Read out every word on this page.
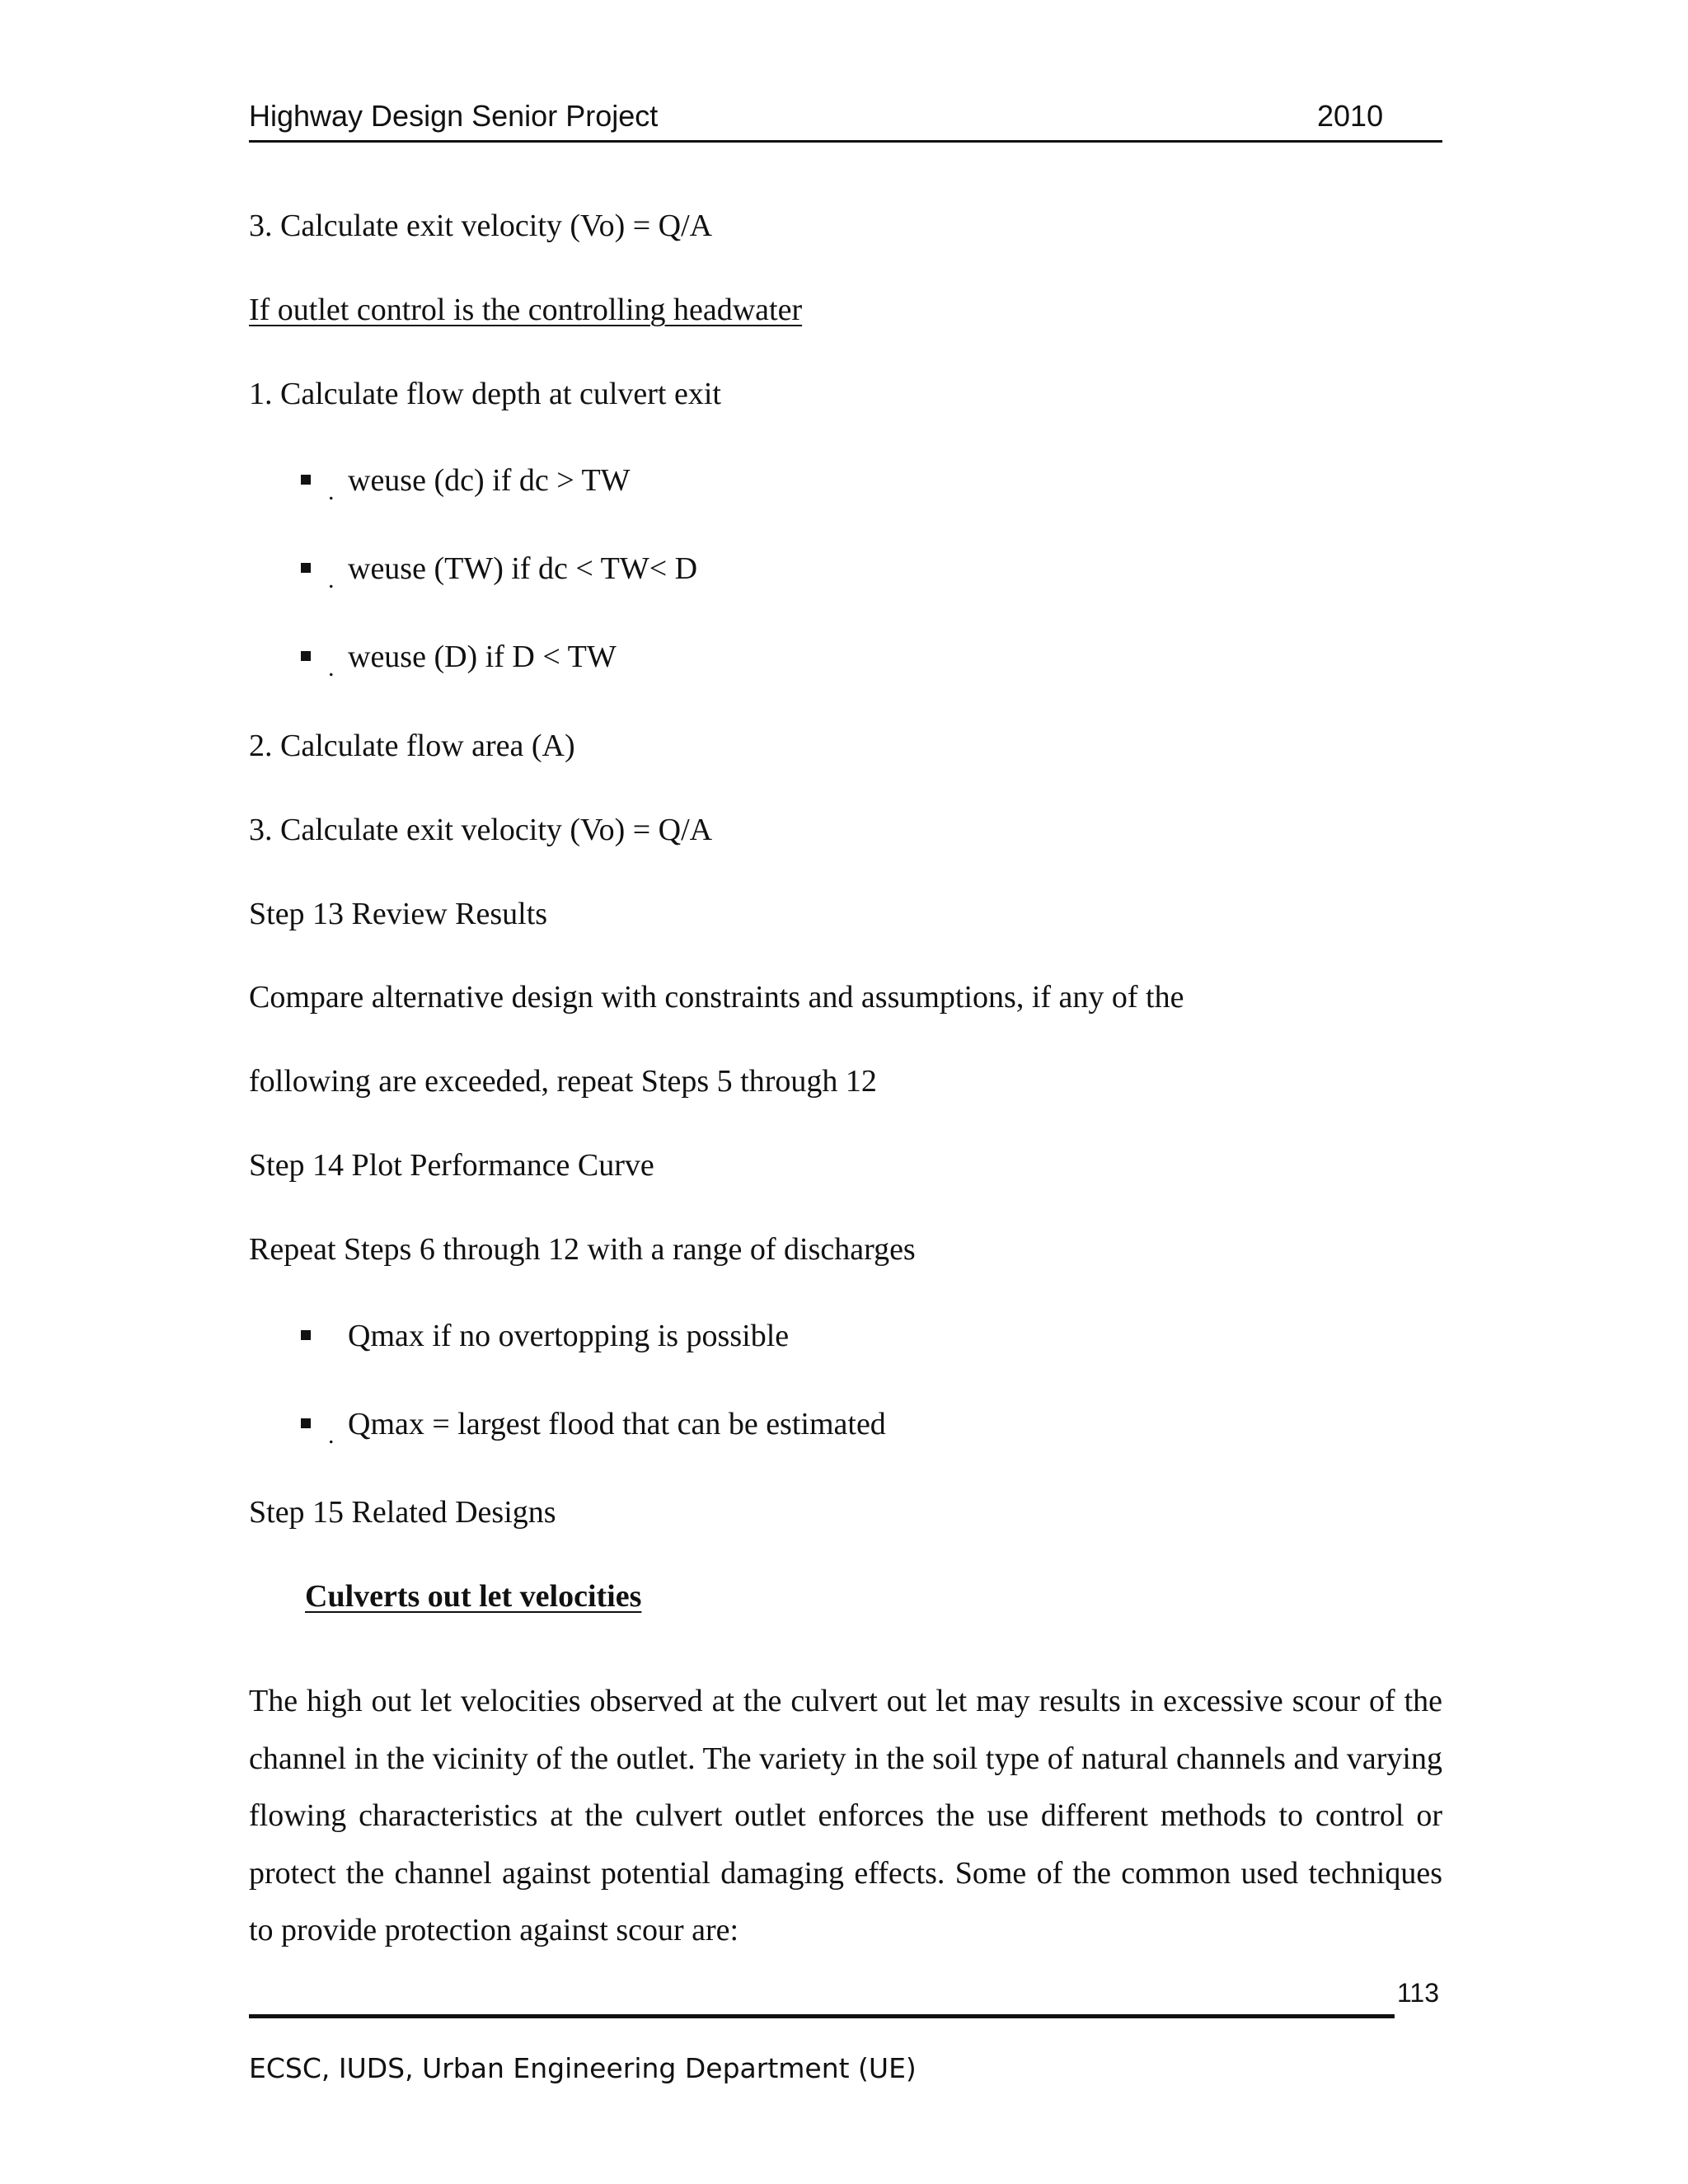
Highway Design Senior Project	2010
3. Calculate exit velocity (Vo) = Q/A
If outlet control is the controlling headwater
1. Calculate flow depth at culvert exit
. weuse (dc) if dc > TW
. weuse (TW) if dc < TW< D
. weuse (D) if D < TW
2. Calculate flow area (A)
3. Calculate exit velocity (Vo) = Q/A
Step 13 Review Results
Compare alternative design with constraints and assumptions, if any of the
following are exceeded, repeat Steps 5 through 12
Step 14 Plot Performance Curve
Repeat Steps 6 through 12 with a range of discharges
Qmax if no overtopping is possible
. Qmax = largest flood that can be estimated
Step 15 Related Designs
Culverts out let velocities

The high out let velocities observed at the culvert out let may results in excessive scour of the channel in the vicinity of the outlet. The variety in the soil type of natural channels and varying flowing characteristics at the culvert outlet enforces the use different methods to control or protect the channel against potential damaging effects. Some of the common used techniques to provide protection against scour are:

113
ECSC, IUDS, Urban Engineering Department (UE)
